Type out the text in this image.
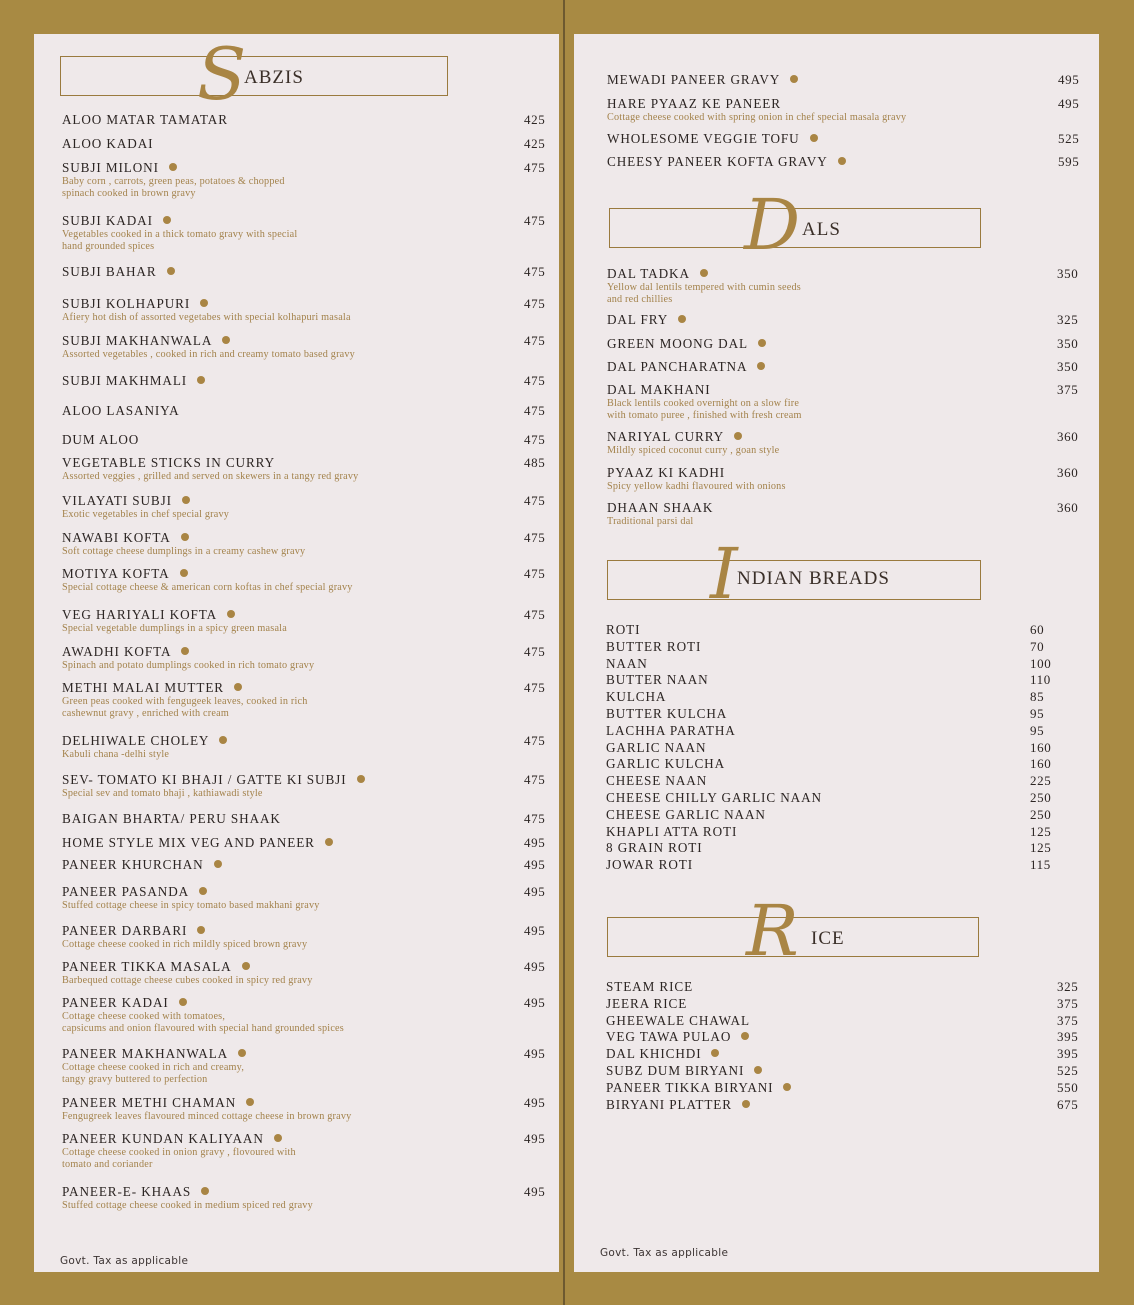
S ABZIS
ALOO MATAR TAMATAR	425
ALOO KADAI	425
SUBJI MILONI
Baby corn , carrots, green peas, potatoes & chopped
spinach cooked in brown gravy
475
SUBJI KADAI
Vegetables cooked in a thick tomato gravy with special
hand grounded spices
475
SUBJI BAHAR	475
SUBJI KOLHAPURI
Afiery hot dish of assorted vegetabes with special kolhapuri masala
475
SUBJI MAKHANWALA
Assorted vegetables , cooked in rich and creamy tomato based gravy
475
SUBJI MAKHMALI	475
ALOO LASANIYA	475
DUM ALOO	475
VEGETABLE STICKS IN CURRY
Assorted veggies , grilled and served on skewers in a tangy red gravy
485
VILAYATI SUBJI
Exotic vegetables in chef special gravy
475
NAWABI KOFTA
Soft cottage cheese dumplings in a creamy cashew gravy
475
MOTIYA KOFTA
Special cottage cheese & american corn koftas in chef special gravy
475
VEG HARIYALI KOFTA
Special vegetable dumplings in a spicy green masala
475
AWADHI KOFTA
Spinach and potato dumplings cooked in rich tomato gravy
475
METHI MALAI MUTTER
Green peas cooked with fengugeek leaves, cooked in rich
cashewnut gravy , enriched with cream
475
DELHIWALE CHOLEY
Kabuli chana -delhi style
475
SEV- TOMATO KI BHAJI / GATTE KI SUBJI
Special sev and tomato bhaji , kathiawadi style
475
BAIGAN BHARTA/ PERU SHAAK	475
HOME STYLE MIX VEG AND PANEER	495
PANEER KHURCHAN	495
PANEER PASANDA
Stuffed cottage cheese in spicy tomato based makhani gravy
495
PANEER DARBARI
Cottage cheese cooked in rich mildly spiced brown gravy
495
PANEER TIKKA MASALA
Barbequed cottage cheese cubes cooked in spicy red gravy
495
PANEER KADAI
Cottage cheese cooked with tomatoes,
capsicums and onion flavoured with special hand grounded spices
495
PANEER MAKHANWALA
Cottage cheese cooked in rich and creamy,
tangy gravy buttered to perfection
495
PANEER METHI CHAMAN
Fengugreek leaves flavoured minced cottage cheese in brown gravy
495
PANEER KUNDAN KALIYAAN
Cottage cheese cooked in onion gravy , flovoured with
tomato and coriander
495
PANEER-E- KHAAS
Stuffed cottage cheese cooked in medium spiced red gravy
495
Govt. Tax as applicable
MEWADI PANEER GRAVY	495
HARE PYAAZ KE PANEER
Cottage cheese cooked with spring onion in chef special masala gravy
495
WHOLESOME VEGGIE TOFU	525
CHEESY PANEER KOFTA GRAVY	595
D ALS
DAL TADKA
Yellow dal lentils tempered with cumin seeds
and red chillies
350
DAL FRY	325
GREEN MOONG DAL	350
DAL PANCHARATNA	350
DAL MAKHANI
Black lentils cooked overnight on a slow fire
with tomato puree , finished with fresh cream
375
NARIYAL CURRY
Mildly spiced coconut curry , goan style
360
PYAAZ KI KADHI
Spicy yellow kadhi flavoured with onions
360
DHAAN SHAAK
Traditional parsi dal
360
I NDIAN BREADS
ROTI	60
BUTTER ROTI	70
NAAN	100
BUTTER NAAN	110
KULCHA	85
BUTTER KULCHA	95
LACHHA PARATHA	95
GARLIC NAAN	160
GARLIC KULCHA	160
CHEESE NAAN	225
CHEESE CHILLY GARLIC NAAN	250
CHEESE GARLIC NAAN	250
KHAPLI ATTA ROTI	125
8 GRAIN ROTI	125
JOWAR ROTI	115
R ICE
STEAM RICE	325
JEERA RICE	375
GHEEWALE CHAWAL	375
VEG TAWA PULAO	395
DAL KHICHDI	395
SUBZ DUM BIRYANI	525
PANEER TIKKA BIRYANI	550
BIRYANI PLATTER	675
Govt. Tax as applicable
